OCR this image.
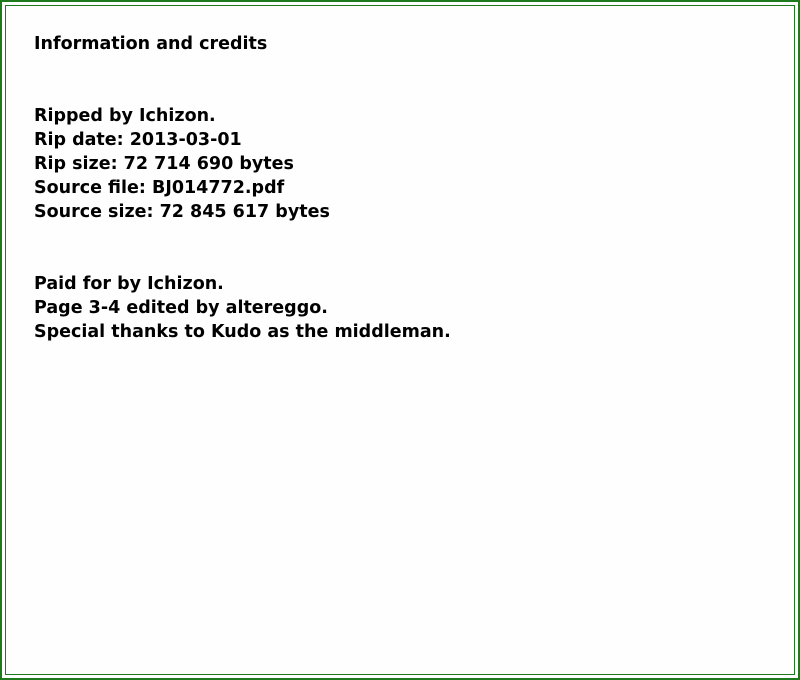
Information and credits
Ripped by Ichizon.
Rip date: 2013-03-01
Rip size: 72 714 690 bytes
Source file: BJ014772.pdf
Source size: 72 845 617 bytes
Paid for by Ichizon.
Page 3-4 edited by altereggo.
Special thanks to Kudo as the middleman.
